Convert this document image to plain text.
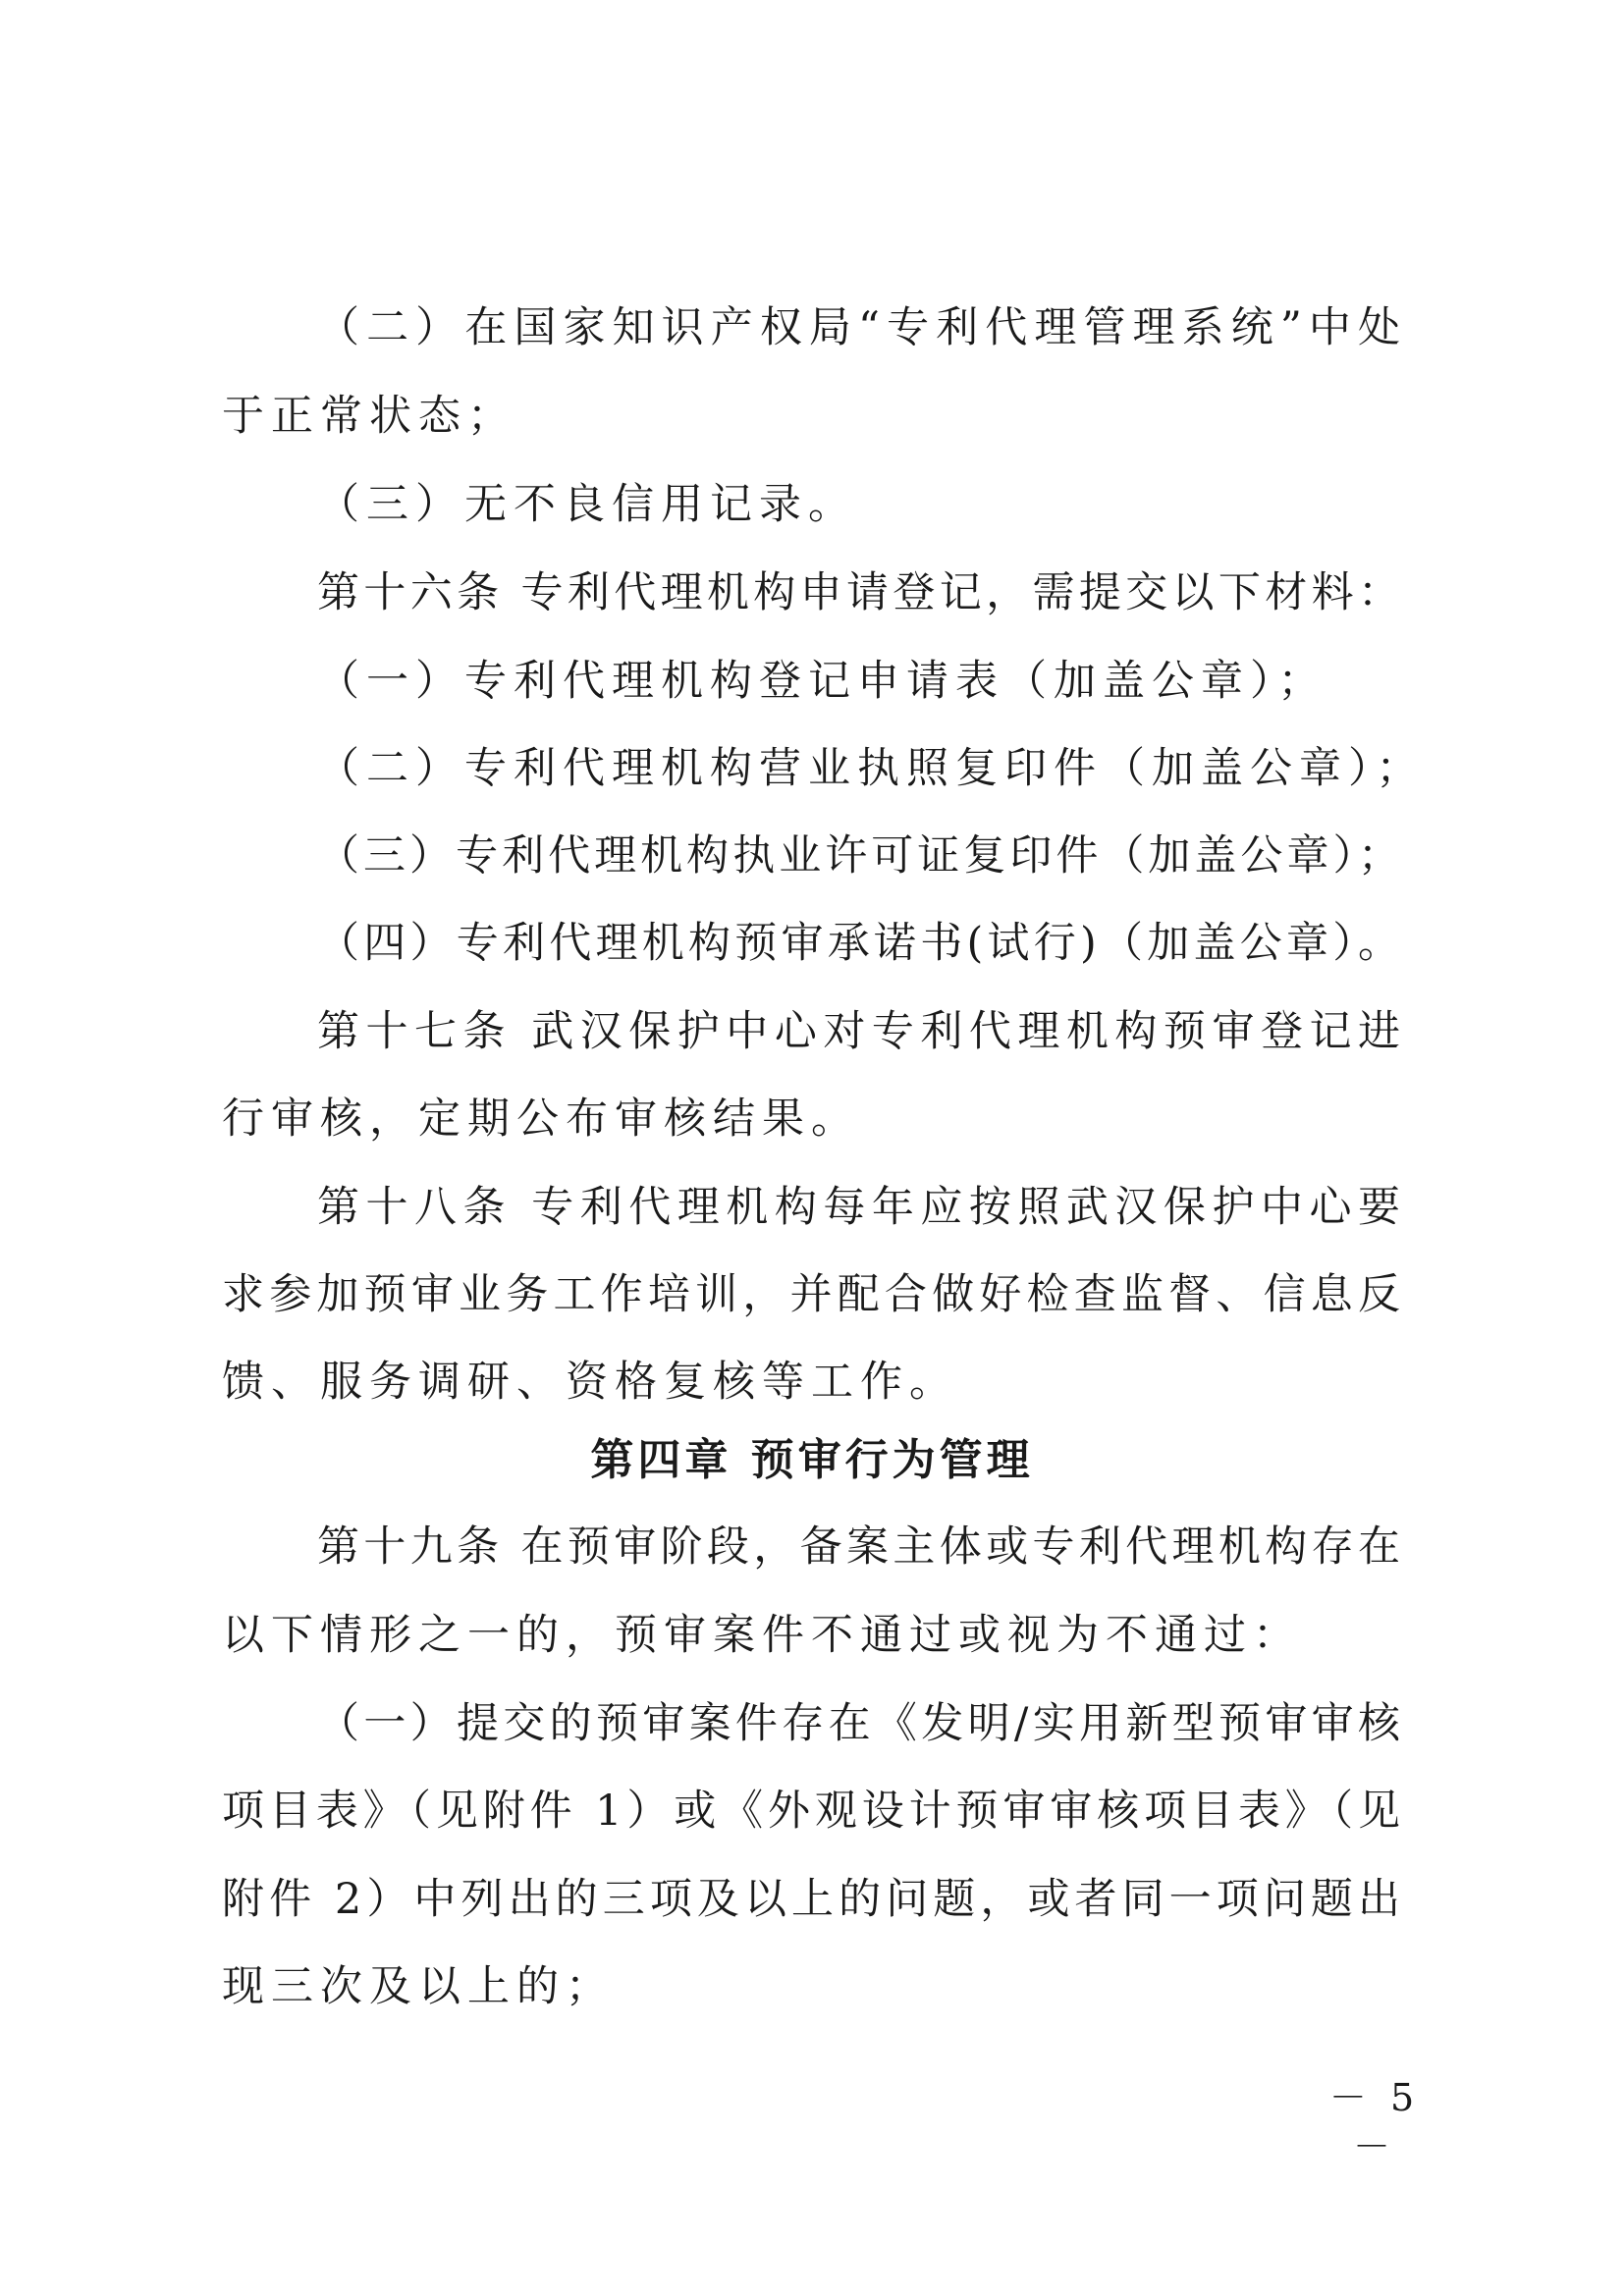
（二）在国家知识产权局“专利代理管理系统”中处
于正常状态；
（三）无不良信用记录。
第十六条 专利代理机构申请登记，需提交以下材料：
（一）专利代理机构登记申请表（加盖公章）；
（二）专利代理机构营业执照复印件（加盖公章）；
（三）专利代理机构执业许可证复印件（加盖公章）；
（四）专利代理机构预审承诺书(试行)（加盖公章）。
第十七条 武汉保护中心对专利代理机构预审登记进
行审核，定期公布审核结果。
第十八条 专利代理机构每年应按照武汉保护中心要
求参加预审业务工作培训，并配合做好检查监督、信息反
馈、服务调研、资格复核等工作。
第四章 预审行为管理
第十九条 在预审阶段，备案主体或专利代理机构存在
以下情形之一的，预审案件不通过或视为不通过：
（一）提交的预审案件存在《发明/实用新型预审审核
项目表》（见附件 1）或《外观设计预审审核项目表》（见
附件 2）中列出的三项及以上的问题，或者同一项问题出
现三次及以上的；
－ 5 －
